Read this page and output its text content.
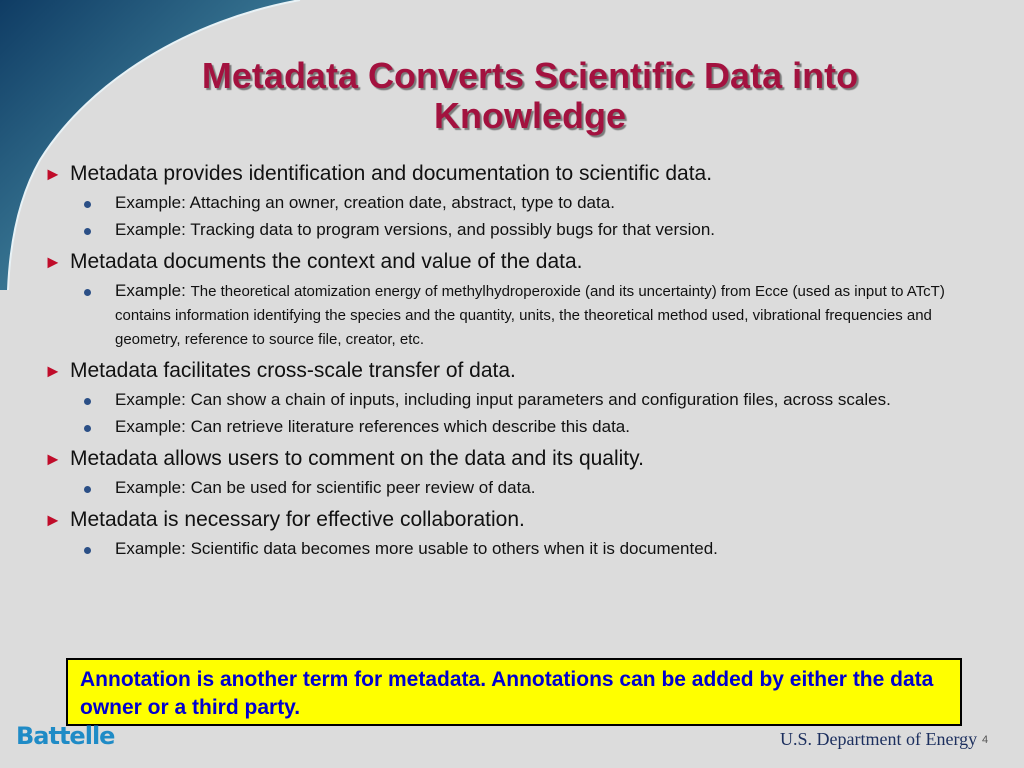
Metadata Converts Scientific Data into Knowledge
► Metadata provides identification and documentation to scientific data.
Example: Attaching an owner, creation date, abstract, type to data.
Example: Tracking data to program versions, and possibly bugs for that version.
► Metadata documents the context and value of the data.
Example: The theoretical atomization energy of methylhydroperoxide (and its uncertainty) from Ecce (used as input to ATcT) contains information identifying the species and the quantity, units, the theoretical method used, vibrational frequencies and geometry, reference to source file, creator, etc.
► Metadata facilitates cross-scale transfer of data.
Example: Can show a chain of inputs, including input parameters and configuration files, across scales.
Example: Can retrieve literature references which describe this data.
► Metadata allows users to comment on the data and its quality.
Example: Can be used for scientific peer review of data.
► Metadata is necessary for effective collaboration.
Example: Scientific data becomes more usable to others when it is documented.
Annotation is another term for metadata. Annotations can be added by either the data owner or a third party.
Battelle	U.S. Department of Energy 4
